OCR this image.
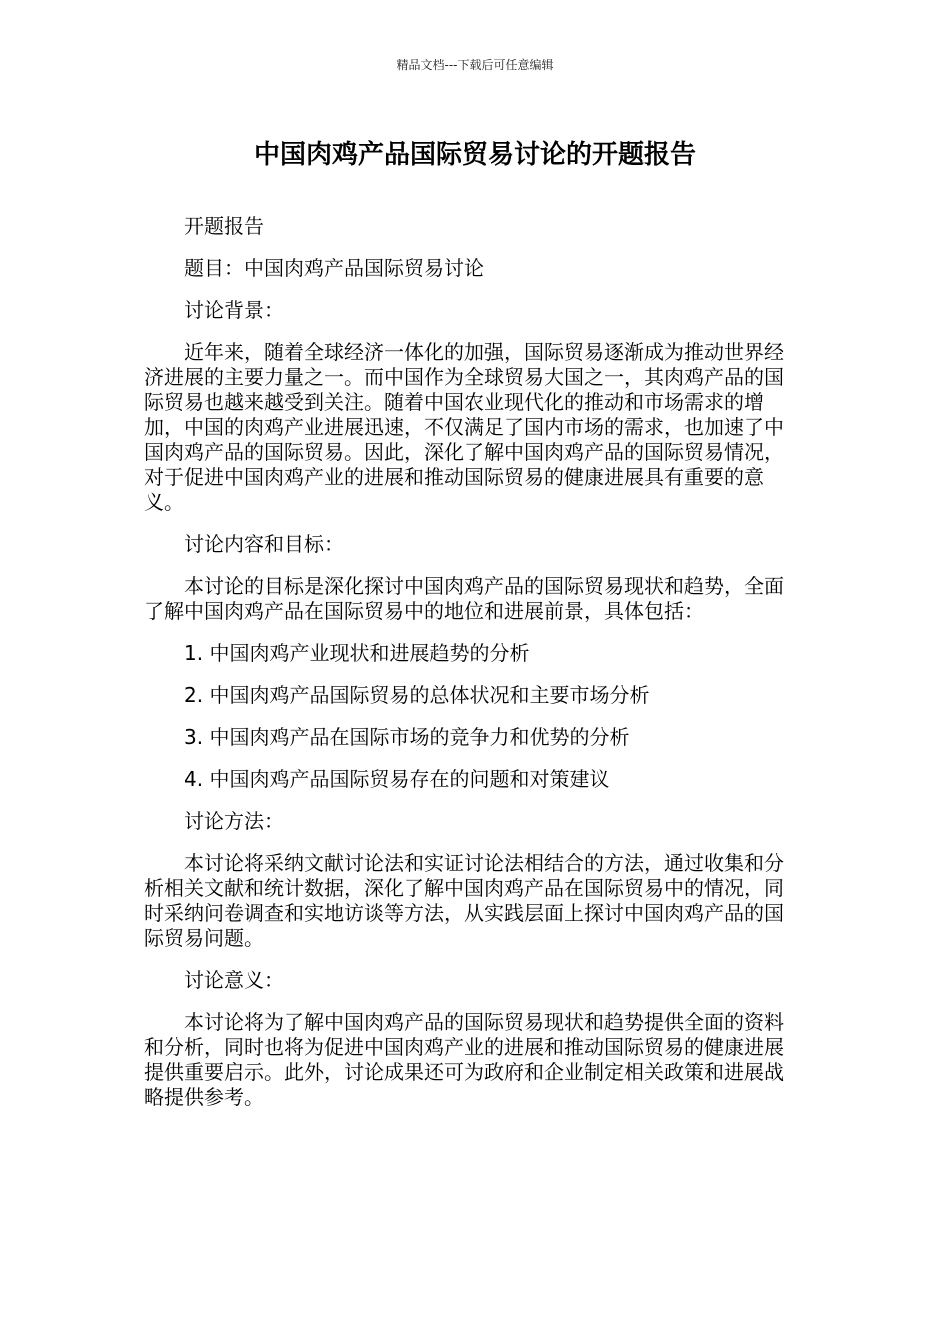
精品文档---下载后可任意编辑
中国肉鸡产品国际贸易讨论的开题报告

开题报告

题目：中国肉鸡产品国际贸易讨论

讨论背景：

近年来，随着全球经济一体化的加强，国际贸易逐渐成为推动世界经济进展的主要力量之一。而中国作为全球贸易大国之一，其肉鸡产品的国际贸易也越来越受到关注。随着中国农业现代化的推动和市场需求的增加，中国的肉鸡产业进展迅速，不仅满足了国内市场的需求，也加速了中国肉鸡产品的国际贸易。因此，深化了解中国肉鸡产品的国际贸易情况，对于促进中国肉鸡产业的进展和推动国际贸易的健康进展具有重要的意义。

讨论内容和目标：

本讨论的目标是深化探讨中国肉鸡产品的国际贸易现状和趋势，全面了解中国肉鸡产品在国际贸易中的地位和进展前景，具体包括：

1. 中国肉鸡产业现状和进展趋势的分析

2. 中国肉鸡产品国际贸易的总体状况和主要市场分析

3. 中国肉鸡产品在国际市场的竞争力和优势的分析

4. 中国肉鸡产品国际贸易存在的问题和对策建议

讨论方法：

本讨论将采纳文献讨论法和实证讨论法相结合的方法，通过收集和分析相关文献和统计数据，深化了解中国肉鸡产品在国际贸易中的情况，同时采纳问卷调查和实地访谈等方法，从实践层面上探讨中国肉鸡产品的国际贸易问题。

讨论意义：

本讨论将为了解中国肉鸡产品的国际贸易现状和趋势提供全面的资料和分析，同时也将为促进中国肉鸡产业的进展和推动国际贸易的健康进展提供重要启示。此外，讨论成果还可为政府和企业制定相关政策和进展战略提供参考。
